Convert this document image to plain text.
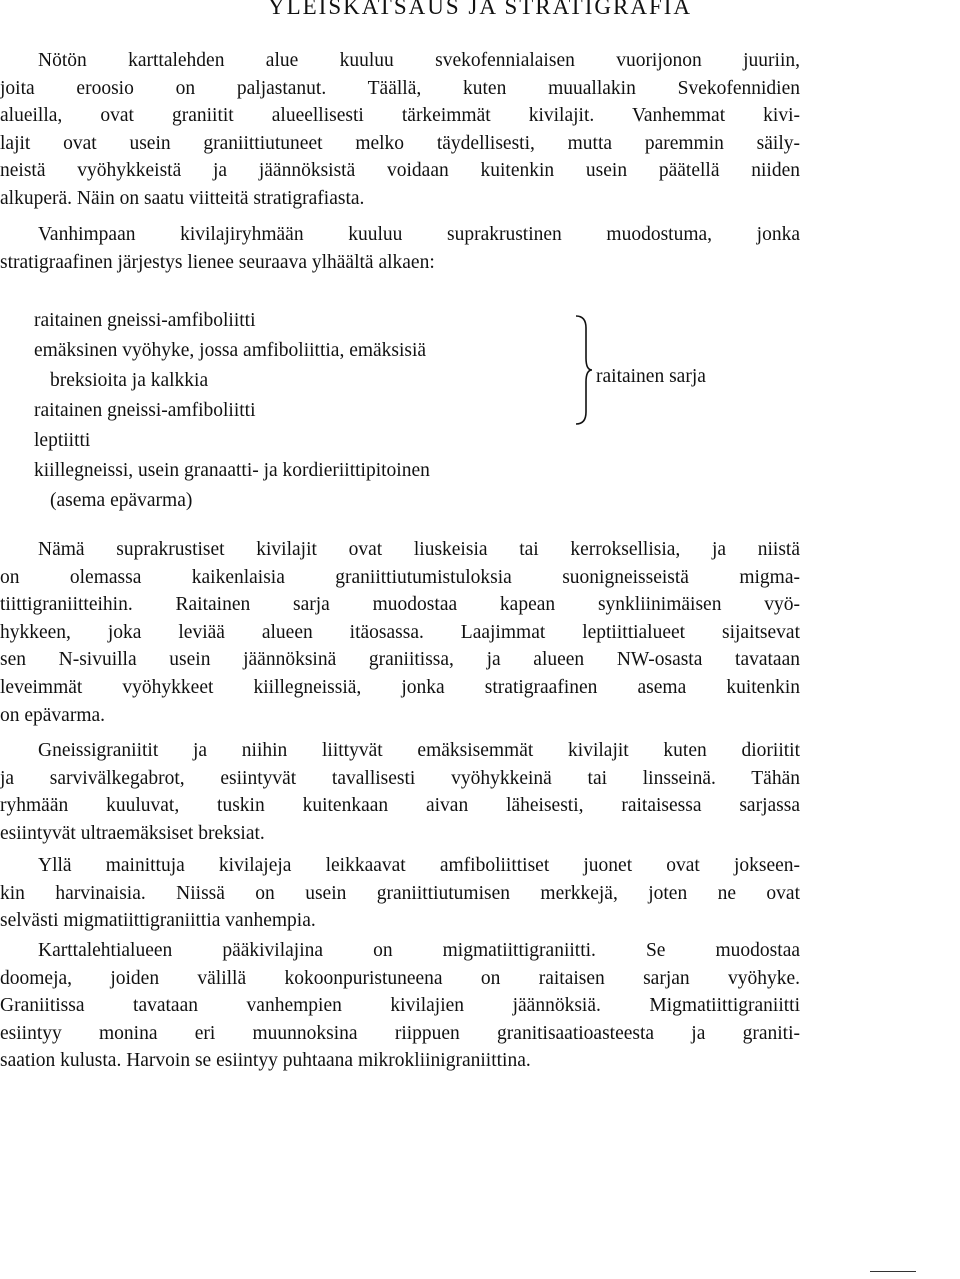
YLEISKATSAUS JA STRATIGRAFIA
Nötön karttalehden alue kuuluu svekofennialaisen vuorijonon juuriin,
joita eroosio on paljastanut. Täällä, kuten muuallakin Svekofennidien
alueilla, ovat graniitit alueellisesti tärkeimmät kivilajit. Vanhemmat kivi-
lajit ovat usein graniittiutuneet melko täydellisesti, mutta paremmin säily-
neistä vyöhykkeistä ja jäännöksistä voidaan kuitenkin usein päätellä niiden
alkuperä. Näin on saatu viitteitä stratigrafiasta.
Vanhimpaan kivilajiryhmään kuuluu suprakrustinen muodostuma, jonka
stratigraafinen järjestys lienee seuraava ylhäältä alkaen:
raitainen gneissi-amfiboliitti
emäksinen vyöhyke, jossa amfiboliittia, emäksisiä
breksioita ja kalkkia
raitainen gneissi-amfiboliitti
leptiitti
kiillegneissi, usein granaatti- ja kordieriittipitoinen
(asema epävarma)
raitainen sarja
Nämä suprakrustiset kivilajit ovat liuskeisia tai kerroksellisia, ja niistä
on olemassa kaikenlaisia graniittiutumistuloksia suonigneisseistä migma-
tiittigraniitteihin. Raitainen sarja muodostaa kapean synkliinimäisen vyö-
hykkeen, joka leviää alueen itäosassa. Laajimmat leptiittialueet sijaitsevat
sen N-sivuilla usein jäännöksinä graniitissa, ja alueen NW-osasta tavataan
leveimmät vyöhykkeet kiillegneissiä, jonka stratigraafinen asema kuitenkin
on epävarma.
Gneissigraniitit ja niihin liittyvät emäksisemmät kivilajit kuten dioriitit
ja sarvivälkegabrot, esiintyvät tavallisesti vyöhykkeinä tai linsseinä. Tähän
ryhmään kuuluvat, tuskin kuitenkaan aivan läheisesti, raitaisessa sarjassa
esiintyvät ultraemäksiset breksiat.
Yllä mainittuja kivilajeja leikkaavat amfiboliittiset juonet ovat jokseen-
kin harvinaisia. Niissä on usein graniittiutumisen merkkejä, joten ne ovat
selvästi migmatiittigraniittia vanhempia.
Karttalehtialueen pääkivilajina on migmatiittigraniitti. Se muodostaa
doomeja, joiden välillä kokoonpuristuneena on raitaisen sarjan vyöhyke.
Graniitissa tavataan vanhempien kivilajien jäännöksiä. Migmatiittigraniitti
esiintyy monina eri muunnoksina riippuen granitisaatioasteesta ja graniti-
saation kulusta. Harvoin se esiintyy puhtaana mikrokliinigraniittina.
